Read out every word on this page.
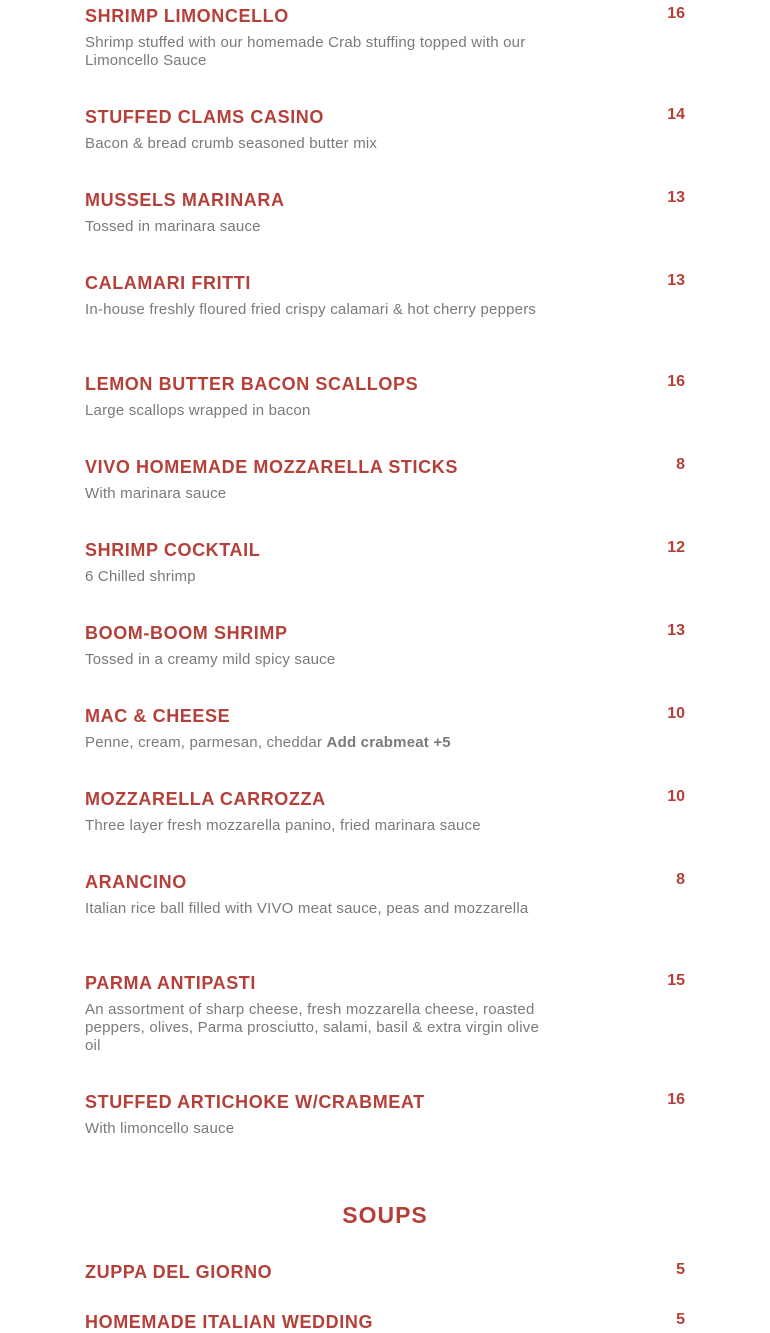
SHRIMP LIMONCELLO	16
Shrimp stuffed with our homemade Crab stuffing topped with our Limoncello Sauce
STUFFED CLAMS CASINO	14
Bacon & bread crumb seasoned butter mix
MUSSELS MARINARA	13
Tossed in marinara sauce
CALAMARI FRITTI	13
In-house freshly floured fried crispy calamari & hot cherry peppers
LEMON BUTTER BACON SCALLOPS	16
Large scallops wrapped in bacon
VIVO HOMEMADE MOZZARELLA STICKS	8
With marinara sauce
SHRIMP COCKTAIL	12
6 Chilled shrimp
BOOM-BOOM SHRIMP	13
Tossed in a creamy mild spicy sauce
MAC & CHEESE	10
Penne, cream, parmesan, cheddar Add crabmeat +5
MOZZARELLA CARROZZA	10
Three layer fresh mozzarella panino, fried marinara sauce
ARANCINO	8
Italian rice ball filled with VIVO meat sauce, peas and mozzarella
PARMA ANTIPASTI	15
An assortment of sharp cheese, fresh mozzarella cheese, roasted peppers, olives, Parma prosciutto, salami, basil & extra virgin olive oil
STUFFED ARTICHOKE W/CRABMEAT	16
With limoncello sauce
SOUPS
ZUPPA DEL GIORNO	5
HOMEMADE ITALIAN WEDDING	5
